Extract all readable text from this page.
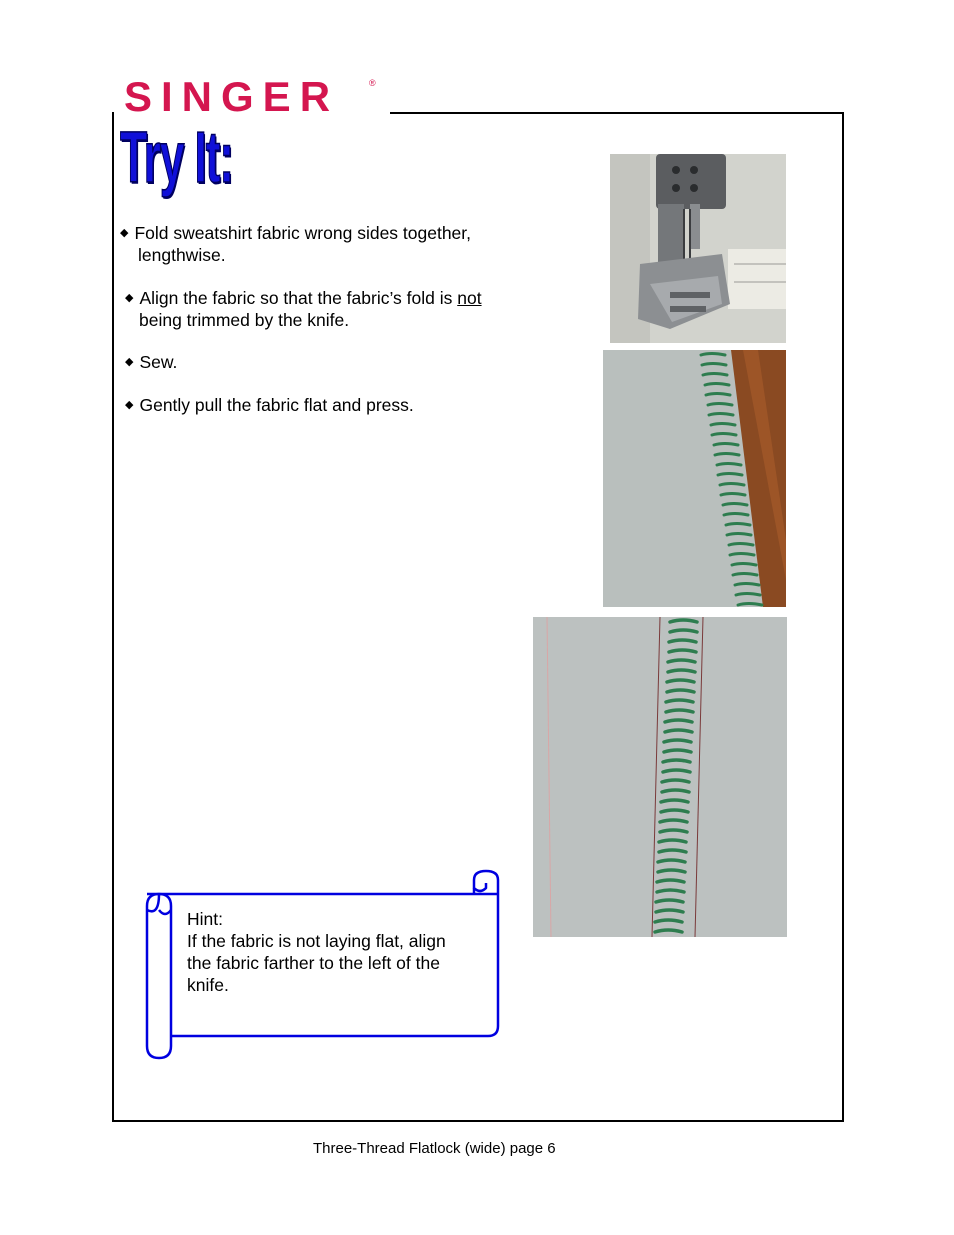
SINGER	®
Try It:
◆ Fold sweatshirt fabric wrong sides together,
lengthwise.
◆ Align the fabric so that the fabric’s fold is not
being trimmed by the knife.
◆ Sew.
◆ Gently pull the fabric flat and press.
Hint:
If the fabric is not laying flat, align
the fabric farther to the left of the
knife.
Three-Thread Flatlock (wide) page 6
